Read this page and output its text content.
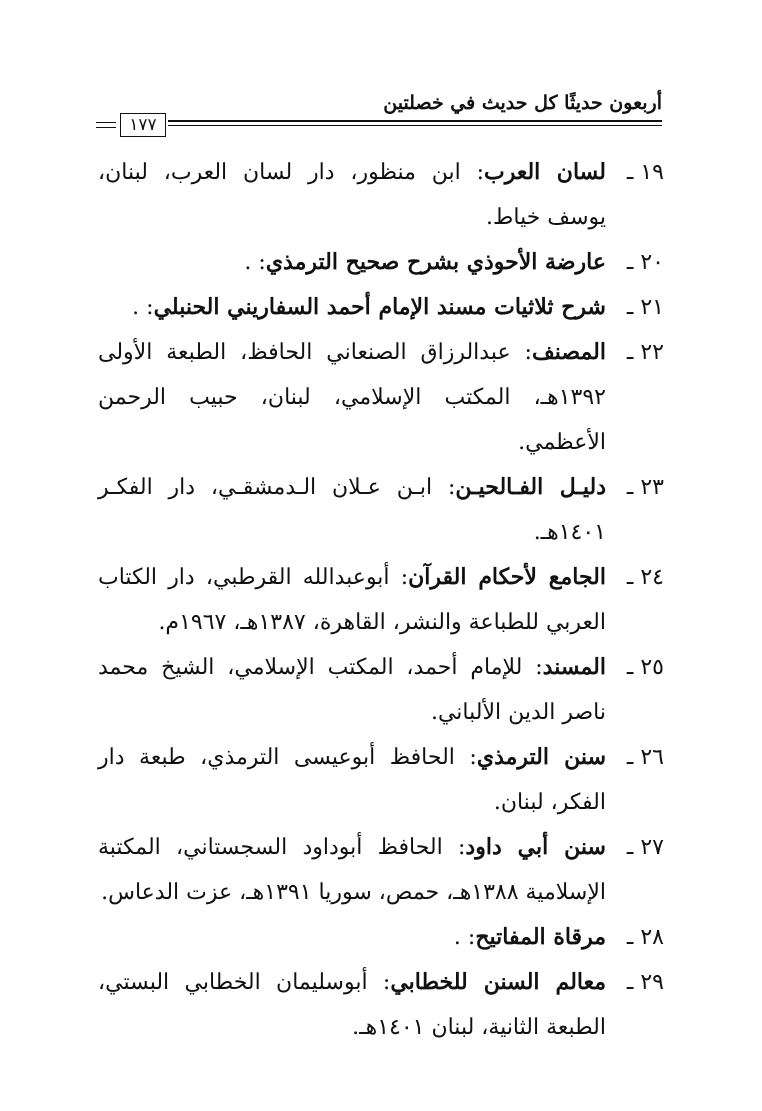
أربعون حديثًا كل حديث في خصلتين
١٧٧
١٩ ـ
لسان العرب: ابن منظور، دار لسان العرب، لبنان، يوسف خياط.
٢٠ ـ
عارضة الأحوذي بشرح صحيح الترمذي: .
٢١ ـ
شرح ثلاثيات مسند الإمام أحمد السفاريني الحنبلي: .
٢٢ ـ
المصنف: عبدالرزاق الصنعاني الحافظ، الطبعة الأولى ١٣٩٢هـ، المكتب الإسلامي، لبنان، حبيب الرحمن الأعظمي.
٢٣ ـ
دليـل الفـالحيـن: ابـن عـلان الـدمشقـي، دار الفكـر ١٤٠١هـ.
٢٤ ـ
الجامع لأحكام القرآن: أبوعبدالله القرطبي، دار الكتاب العربي للطباعة والنشر، القاهرة، ١٣٨٧هـ، ١٩٦٧م.
٢٥ ـ
المسند: للإمام أحمد، المكتب الإسلامي، الشيخ محمد ناصر الدين الألباني.
٢٦ ـ
سنن الترمذي: الحافظ أبوعيسى الترمذي، طبعة دار الفكر، لبنان.
٢٧ ـ
سنن أبي داود: الحافظ أبوداود السجستاني، المكتبة الإسلامية ١٣٨٨هـ، حمص، سوريا ١٣٩١هـ، عزت الدعاس.
٢٨ ـ
مرقاة المفاتيح: .
٢٩ ـ
معالم السنن للخطابي: أبوسليمان الخطابي البستي، الطبعة الثانية، لبنان ١٤٠١هـ.
